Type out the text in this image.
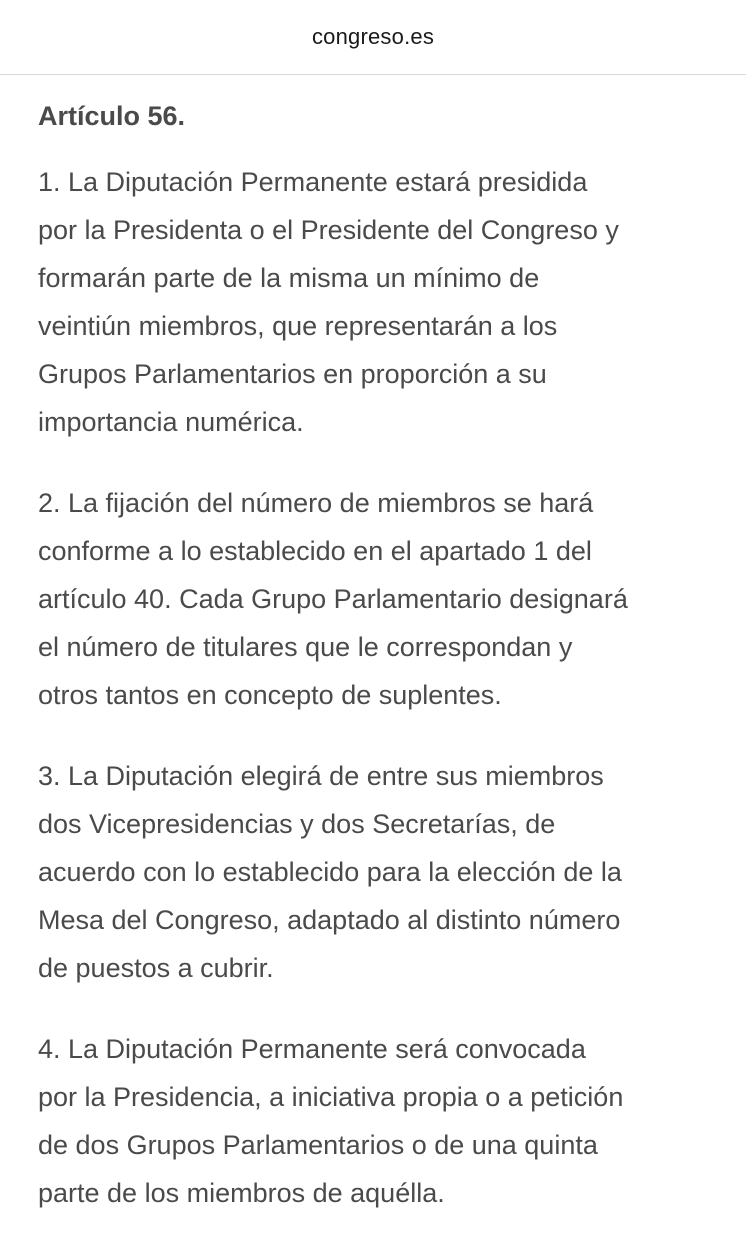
congreso.es
Artículo 56.

1. La Diputación Permanente estará presidida
por la Presidenta o el Presidente del Congreso y
formarán parte de la misma un mínimo de
veintiún miembros, que representarán a los
Grupos Parlamentarios en proporción a su
importancia numérica.

2. La fijación del número de miembros se hará
conforme a lo establecido en el apartado 1 del
artículo 40. Cada Grupo Parlamentario designará
el número de titulares que le correspondan y
otros tantos en concepto de suplentes.

3. La Diputación elegirá de entre sus miembros
dos Vicepresidencias y dos Secretarías, de
acuerdo con lo establecido para la elección de la
Mesa del Congreso, adaptado al distinto número
de puestos a cubrir.

4. La Diputación Permanente será convocada
por la Presidencia, a iniciativa propia o a petición
de dos Grupos Parlamentarios o de una quinta
parte de los miembros de aquélla.
